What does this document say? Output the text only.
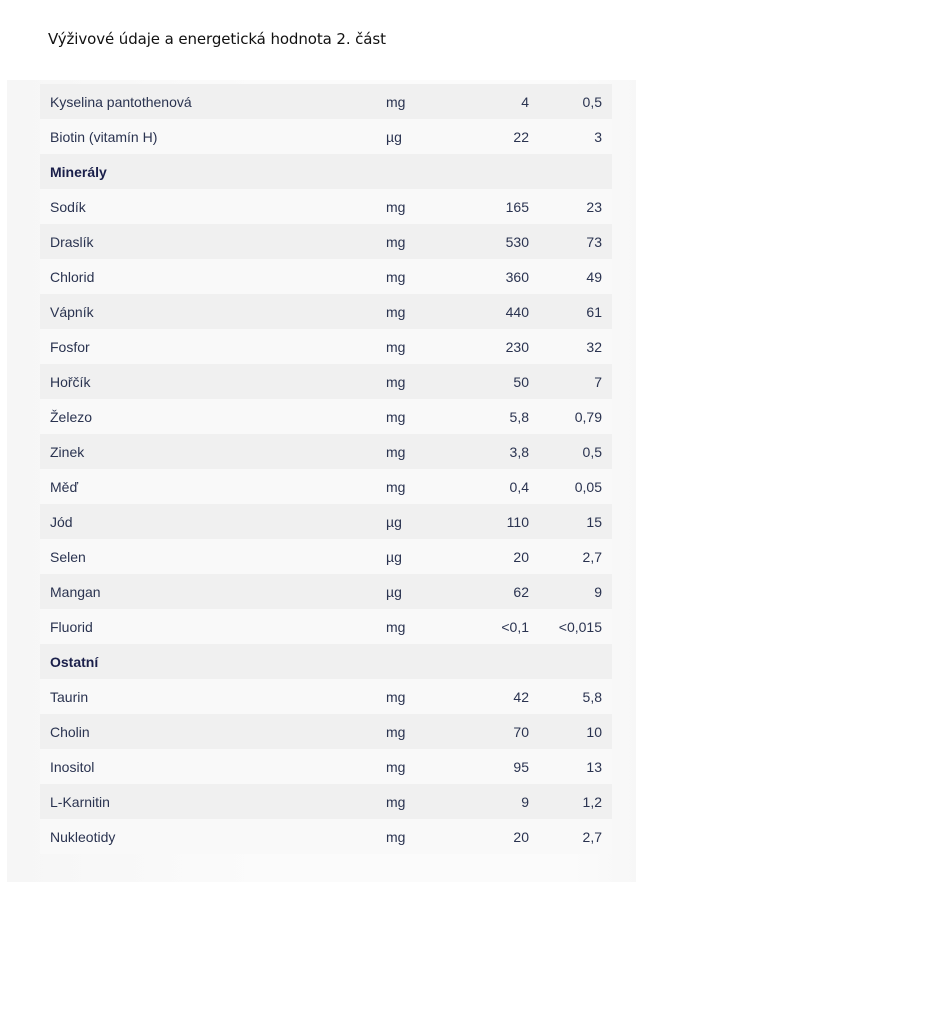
Výživové údaje a energetická hodnota 2. část
Kyselina pantothenová	mg	4	0,5
Biotin (vitamín H)	µg	22	3
Minerály
Sodík	mg	165	23
Draslík	mg	530	73
Chlorid	mg	360	49
Vápník	mg	440	61
Fosfor	mg	230	32
Hořčík	mg	50	7
Železo	mg	5,8	0,79
Zinek	mg	3,8	0,5
Měď	mg	0,4	0,05
Jód	µg	110	15
Selen	µg	20	2,7
Mangan	µg	62	9
Fluorid	mg	<0,1 <0,015
Ostatní
Taurin	mg	42	5,8
Cholin	mg	70	10
Inositol	mg	95	13
L-Karnitin	mg	9	1,2
Nukleotidy	mg	20	2,7
